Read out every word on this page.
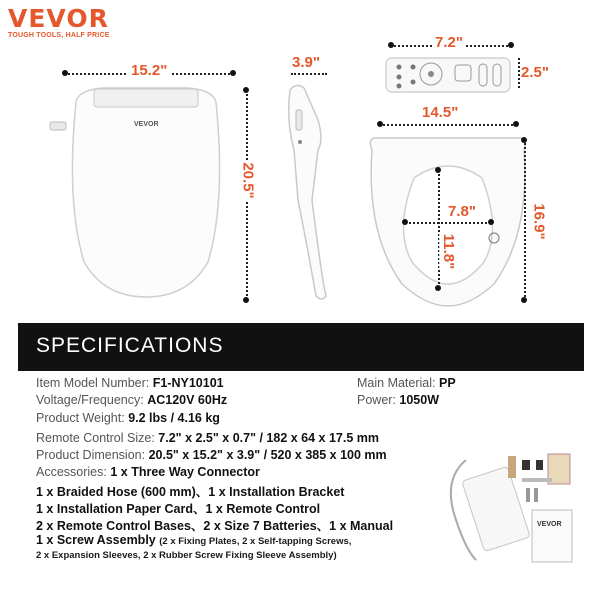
VEVOR
TOUGH TOOLS, HALF PRICE
15.2"
VEVOR
20.5"
3.9"
7.2"
2.5"
14.5"
7.8"
11.8"
16.9"
SPECIFICATIONS
Item Model Number: F1-NY10101	Main Material: PP
Voltage/Frequency: AC120V 60Hz	Power: 1050W
Product Weight: 9.2 lbs / 4.16 kg
Remote Control Size: 7.2" x 2.5" x 0.7" / 182 x 64 x 17.5 mm
Product Dimension: 20.5" x 15.2" x 3.9" / 520 x 385 x 100 mm
Accessories: 1 x Three Way Connector
1 x Braided Hose (600 mm)、1 x Installation Bracket
1 x Installation Paper Card、1 x Remote Control
2 x Remote Control Bases、2 x Size 7 Batteries、1 x Manual
1 x Screw Assembly (2 x Fixing Plates, 2 x Self-tapping Screws,
2 x Expansion Sleeves, 2 x Rubber Screw Fixing Sleeve Assembly)
VEVOR
